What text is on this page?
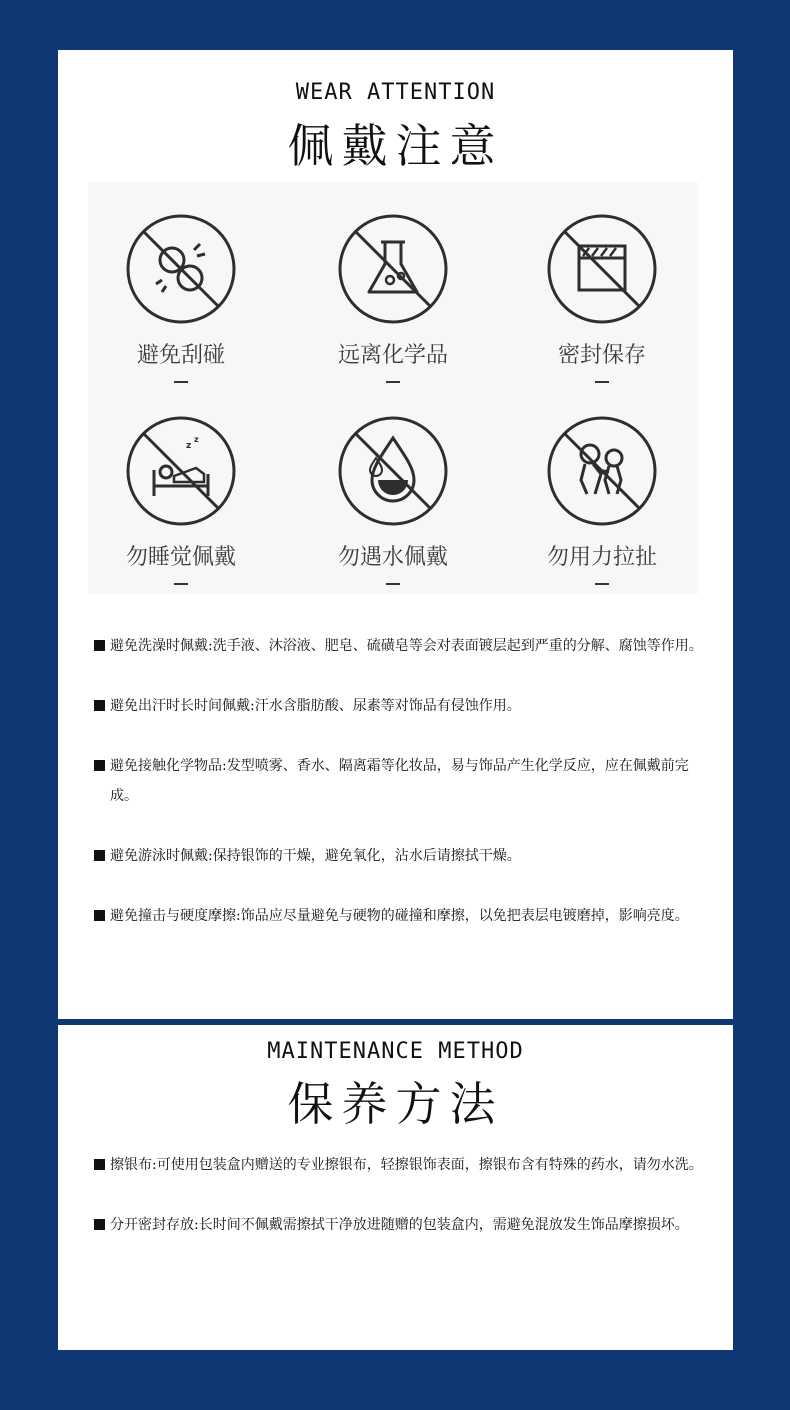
WEAR ATTENTION
佩戴注意
避免刮碰	远离化学品	密封保存
z
z
勿睡觉佩戴	勿遇水佩戴	勿用力拉扯
避免洗澡时佩戴:洗手液、沐浴液、肥皂、硫磺皂等会对表面镀层起到严重的分解、腐蚀等作用。
避免出汗时长时间佩戴:汗水含脂肪酸、尿素等对饰品有侵蚀作用。
避免接触化学物品:发型喷雾、香水、隔离霜等化妆品，易与饰品产生化学反应，应在佩戴前完成。
避免游泳时佩戴:保持银饰的干燥，避免氧化，沾水后请擦拭干燥。
避免撞击与硬度摩擦:饰品应尽量避免与硬物的碰撞和摩擦，以免把表层电镀磨掉，影响亮度。
MAINTENANCE METHOD
保养方法
擦银布:可使用包装盒内赠送的专业擦银布，轻擦银饰表面，擦银布含有特殊的药水，请勿水洗。
分开密封存放:长时间不佩戴需擦拭干净放进随赠的包装盒内，需避免混放发生饰品摩擦损坏。
